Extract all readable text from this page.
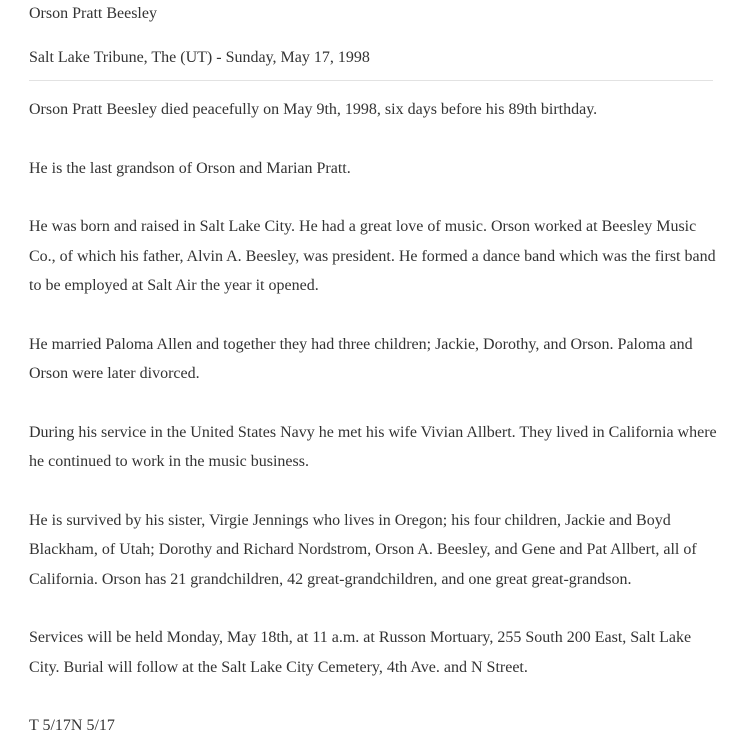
Orson Pratt Beesley
Salt Lake Tribune, The (UT) - Sunday, May 17, 1998

Orson Pratt Beesley died peacefully on May 9th, 1998, six days before his 89th birthday.

He is the last grandson of Orson and Marian Pratt.

He was born and raised in Salt Lake City. He had a great love of music. Orson worked at Beesley Music Co., of which his father, Alvin A. Beesley, was president. He formed a dance band which was the first band to be employed at Salt Air the year it opened.

He married Paloma Allen and together they had three children; Jackie, Dorothy, and Orson. Paloma and Orson were later divorced.

During his service in the United States Navy he met his wife Vivian Allbert. They lived in California where he continued to work in the music business.

He is survived by his sister, Virgie Jennings who lives in Oregon; his four children, Jackie and Boyd Blackham, of Utah; Dorothy and Richard Nordstrom, Orson A. Beesley, and Gene and Pat Allbert, all of California. Orson has 21 grandchildren, 42 great-grandchildren, and one great great-grandson.

Services will be held Monday, May 18th, at 11 a.m. at Russon Mortuary, 255 South 200 East, Salt Lake City. Burial will follow at the Salt Lake City Cemetery, 4th Ave. and N Street.

T 5/17N 5/17
